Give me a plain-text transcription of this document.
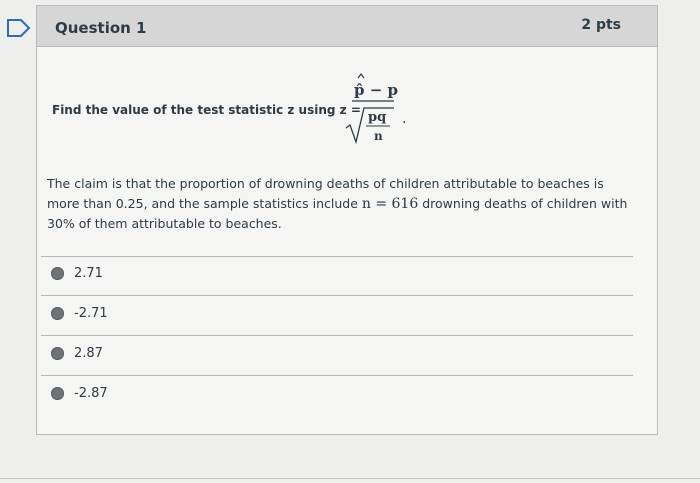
Question 1	2 pts
Find the value of the test statistic z using z =
p̂ − p
pq
n
.
The claim is that the proportion of drowning deaths of children attributable to beaches is more than 0.25, and the sample statistics include n = 616 drowning deaths of children with 30% of them attributable to beaches.
2.71
-2.71
2.87
-2.87
